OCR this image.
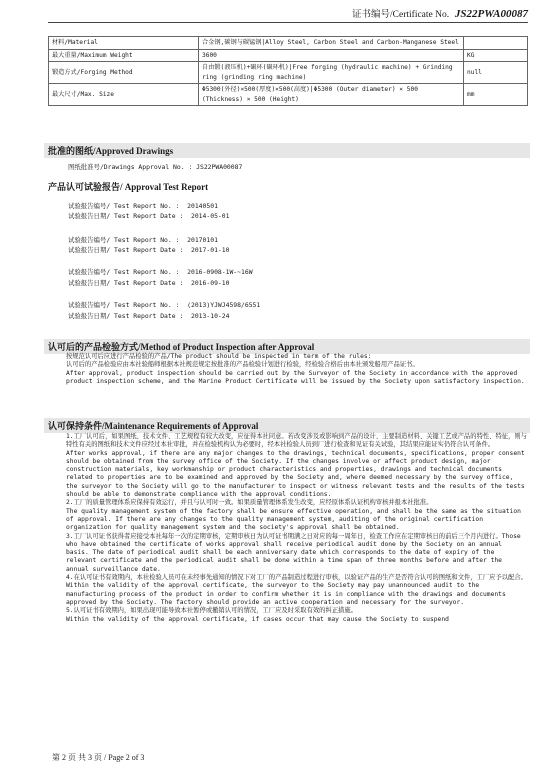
证书编号/Certificate No. JS22PWA00087
材料/Material	合金钢,碳钢与碳锰钢|Alloy Steel, Carbon Steel and Carbon-Manganese Steel	
最大重量/Maximum Weight	3600	KG
锻造方式/Forging Method	自由锻(液压机)+碾环(碾环机)|Free forging (hydraulic machine) + Grinding ring (grinding ring machine)	null
最大尺寸/Max. Size	Φ5300(外径)×500(厚度)×500(高度)|Φ5300 (Outer diameter) × 500 (Thickness) × 500 (Height)	mm
批准的图纸/Approved Drawings
图纸批准号/Drawings Approval No. : JS22PWA00087
产品认可试验报告/ Approval Test Report
试验报告编号/ Test Report No. :  20140501
试验报告日期/ Test Report Date :  2014-05-01
试验报告编号/ Test Report No. :  20170101
试验报告日期/ Test Report Date :  2017-01-10
试验报告编号/ Test Report No. :  2016-0908-1W-~16W
试验报告日期/ Test Report Date :  2016-09-10
试验报告编号/ Test Report No. :  (2013)YJWJ4598/6551
试验报告日期/ Test Report Date :  2013-10-24
认可后的产品检验方式/Method of Product Inspection after Approval
按规范认可后应进行产品检验的产品/The product should be inspected in term of the rules:
认可后的产品检验应由本社验船师根据本社规范规定按批准的产品检验计划进行检验，经检验合格后由本社颁发船用产品证书。
After approval, product inspection should be carried out by the Surveyor of the Society in accordance with the approved product inspection scheme, and the Marine Product Certificate will be issued by the Society upon satisfactory inspection.
认可保持条件/Maintenance Requirements of Approval
1.工厂认可后，如果图纸、技术文件、工艺规程有较大改变，应征得本社同意。若改变涉及或影响到产品的设计、主要制造材料、关键工艺或产品的特性、特征，则与特性有关的图纸和技术文件应经过本社审批，并在检验机构认为必要时，经本社检验人员到厂进行检查和见证有关试验，其结果应能证实仍符合认可条件。
After works approval, if there are any major changes to the drawings, technical documents, specifications, proper consent should be obtained from the survey office of the Society. If the changes involve or affect product design, major construction materials, key workmanship or product characteristics and properties, drawings and technical documents related to properties are to be examined and approved by the Society and, where deemed necessary by the survey office, the surveyor to the Society will go to the manufacturer to inspect or witness relevant tests and the results of the tests should be able to demonstrate compliance with the approval conditions.
2.工厂的质量管理体系应保持有效运行，并且与认可时一致。如果质量管理体系发生改变，应经原体系认证机构审核并报本社批准。
The quality management system of the factory shall be ensure effective operation, and shall be the same as the situation of approval. If there are any changes to the quality management system, auditing of the original certification organization for quality management system and the society's approval shall be obtained.
3.工厂认可证书获得者应接受本社每年一次的定期审核，定期审核日为认可证书期满之日对应的每一周年日，检查工作应在定期审核日的前后三个月内进行。Those who have obtained the certificate of works approval shall receive periodical audit done by the Society on an annual basis. The date of periodical audit shall be each anniversary date which corresponds to the date of expiry of the relevant certificate and the periodical audit shall be done within a time span of three months before and after the annual surveillance date.
4.在认可证书有效期内，本社检验人员可在未经事先通知的情况下对工厂的产品制造过程进行审核，以验证产品的生产是否符合认可的图纸和文件，工厂应予以配合。
Within the validity of the approval certificate, the surveyor to the Society may pay unannounced audit to the manufacturing process of the product in order to confirm whether it is in compliance with the drawings and documents approved by the Society. The factory should provide an active cooperation and necessary for the surveyor.
5.认可证书有效期内，如果出现可能导致本社暂停或撤销认可的情况，工厂应及时采取有效的纠正措施。
Within the validity of the approval certificate, if cases occur that may cause the Society to suspend
第 2 页 共 3 页 / Page 2 of 3
